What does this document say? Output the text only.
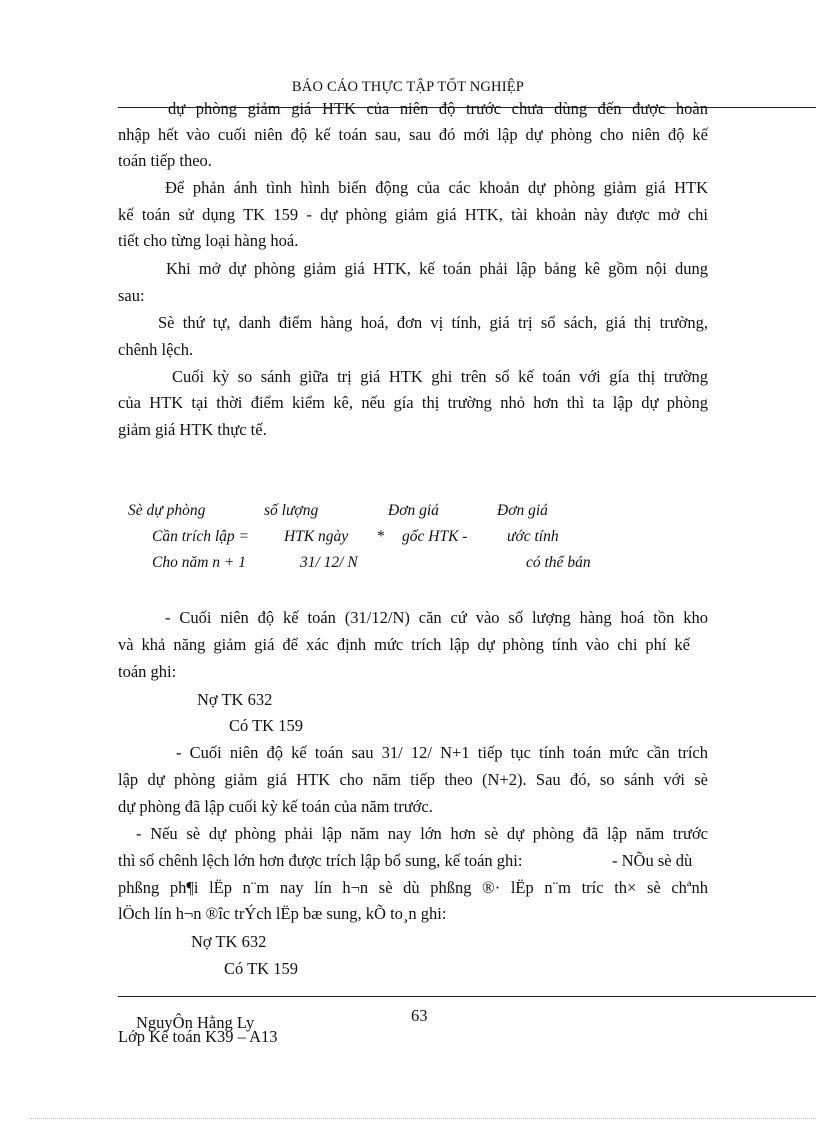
BÁO CÁO THỰC TẬP TỐT NGHIỆP
dự phòng giảm giá HTK của niên độ trước chưa dùng đến được hoàn
nhập hết vào cuối niên độ kế toán sau, sau đó mới lập dự phòng cho niên độ kế
toán tiếp theo.
Để phản ánh tình hình biến động của các khoản dự phòng giảm giá HTK
kế toán sử dụng TK 159 - dự phòng giảm giá HTK, tài khoản này được mở chi
tiết cho từng loại hàng hoá.
Khi mở dự phòng giảm giá HTK, kế toán phải lập bảng kê gồm nội dung
sau:
Sè thứ tự, danh điểm hàng hoá, đơn vị tính, giá trị sổ sách, giá thị trường,
chênh lệch.
Cuối kỳ so sánh giữa trị giá HTK ghi trên sổ kế toán với gía thị trường
của HTK tại thời điểm kiểm kê, nếu gía thị trường nhỏ hơn thì ta lập dự phòng
giảm giá HTK thực tế.
Sè dự phòng	số lượng	Đơn giá	Đơn giá
Cần trích lập = HTK ngày * gốc HTK -	ước tính
Cho năm n + 1	31/ 12/ N	có thể bán
- Cuối niên độ kế toán (31/12/N) căn cứ vào số lượng hàng hoá tồn kho
và khả năng giảm giá để xác định mức trích lập dự phòng tính vào chi phí kế
toán ghi:
Nợ TK 632
Có TK 159
- Cuối niên độ kế toán sau 31/ 12/ N+1 tiếp tục tính toán mức cần trích
lập dự phòng giảm giá HTK cho năm tiếp theo (N+2). Sau đó, so sánh với sè
dự phòng đã lập cuối kỳ kế toán của năm trước.
- Nếu sè dự phòng phải lập năm nay lớn hơn sè dự phòng đã lập năm trước
thì số chênh lệch lớn hơn được trích lập bổ sung, kế toán ghi:	- NÕu sè dù
phßng ph¶i lËp n¨m nay lín h¬n sè dù phßng ®· lËp n¨m tríc th× sè chªnh
lÖch lín h¬n ®îc trÝch lËp bæ sung, kÕ to¸n ghi:
Nợ TK 632
Có TK 159
63
NguyÔn Hằng Ly
Lớp Kế toán K39 – A13
